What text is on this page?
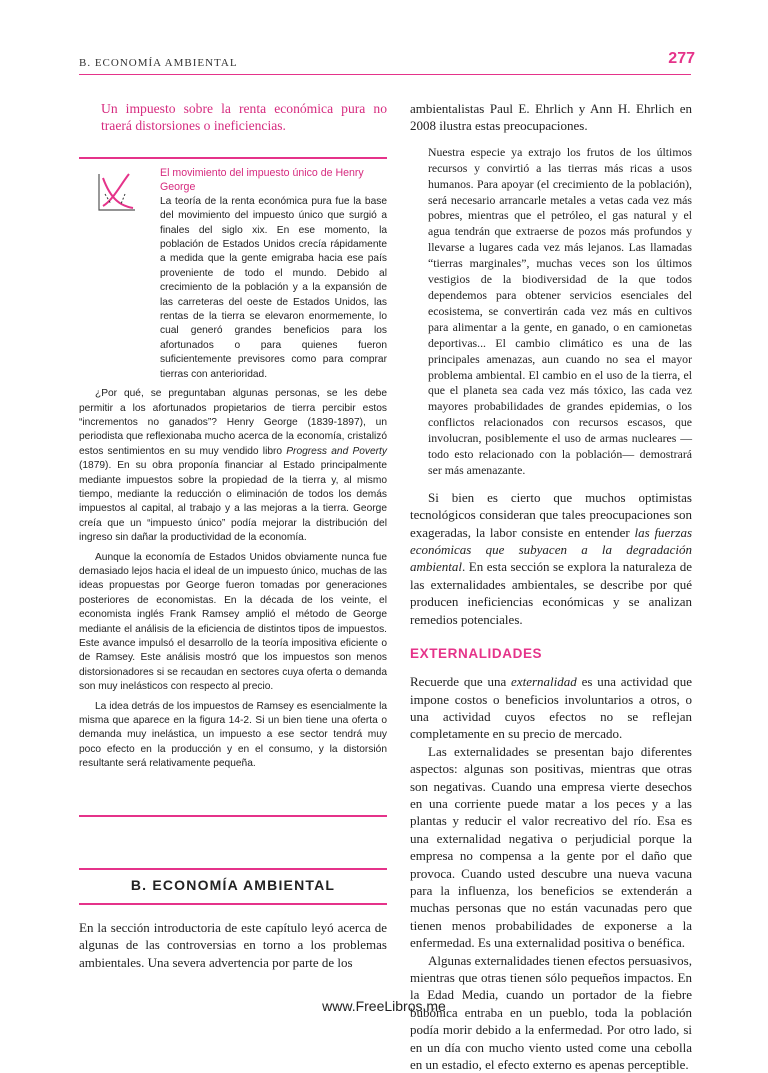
B. ECONOMÍA AMBIENTAL	277

Un impuesto sobre la renta económica pura no traerá distorsiones o ineficiencias.

El movimiento del impuesto único de Henry George

La teoría de la renta económica pura fue la base del movimiento del impuesto único que surgió a finales del siglo xix. En ese momento, la población de Estados Unidos crecía rápidamente a medida que la gente emigraba hacia ese país proveniente de todo el mundo. Debido al crecimiento de la población y a la expansión de las carreteras del oeste de Estados Unidos, las rentas de la tierra se elevaron enormemente, lo cual generó grandes beneficios para los afortunados o para quienes fueron suficientemente previsores como para comprar tierras con anterioridad.

¿Por qué, se preguntaban algunas personas, se les debe permitir a los afortunados propietarios de tierra percibir estos “incrementos no ganados”? Henry George (1839-1897), un periodista que reflexionaba mucho acerca de la economía, cristalizó estos sentimientos en su muy vendido libro Progress and Poverty (1879). En su obra proponía financiar al Estado principalmente mediante impuestos sobre la propiedad de la tierra y, al mismo tiempo, mediante la reducción o eliminación de todos los demás impuestos al capital, al trabajo y a las mejoras a la tierra. George creía que un “impuesto único” podía mejorar la distribución del ingreso sin dañar la productividad de la economía.

Aunque la economía de Estados Unidos obviamente nunca fue demasiado lejos hacia el ideal de un impuesto único, muchas de las ideas propuestas por George fueron tomadas por generaciones posteriores de economistas. En la década de los veinte, el economista inglés Frank Ramsey amplió el método de George mediante el análisis de la eficiencia de distintos tipos de impuestos. Este avance impulsó el desarrollo de la teoría impositiva eficiente o de Ramsey. Este análisis mostró que los impuestos son menos distorsionadores si se recaudan en sectores cuya oferta o demanda son muy inelásticos con respecto al precio.

La idea detrás de los impuestos de Ramsey es esencialmente la misma que aparece en la figura 14-2. Si un bien tiene una oferta o demanda muy inelástica, un impuesto a ese sector tendrá muy poco efecto en la producción y en el consumo, y la distorsión resultante será relativamente pequeña.

B. ECONOMÍA AMBIENTAL

En la sección introductoria de este capítulo leyó acerca de algunas de las controversias en torno a los problemas ambientales. Una severa advertencia por parte de los

ambientalistas Paul E. Ehrlich y Ann H. Ehrlich en 2008 ilustra estas preocupaciones.

Nuestra especie ya extrajo los frutos de los últimos recursos y convirtió a las tierras más ricas a usos humanos. Para apoyar (el crecimiento de la población), será necesario arrancarle metales a vetas cada vez más pobres, mientras que el petróleo, el gas natural y el agua tendrán que extraerse de pozos más profundos y llevarse a lugares cada vez más lejanos. Las llamadas “tierras marginales”, muchas veces son los últimos vestigios de la biodiversidad de la que todos dependemos para obtener servicios esenciales del ecosistema, se convertirán cada vez más en cultivos para alimentar a la gente, en ganado, o en camionetas deportivas... El cambio climático es una de las principales amenazas, aun cuando no sea el mayor problema ambiental. El cambio en el uso de la tierra, el que el planeta sea cada vez más tóxico, las cada vez mayores probabilidades de grandes epidemias, o los conflictos relacionados con recursos escasos, que involucran, posiblemente el uso de armas nucleares —todo esto relacionado con la población— demostrará ser más amenazante.

Si bien es cierto que muchos optimistas tecnológicos consideran que tales preocupaciones son exageradas, la labor consiste en entender las fuerzas económicas que subyacen a la degradación ambiental. En esta sección se explora la naturaleza de las externalidades ambientales, se describe por qué producen ineficiencias económicas y se analizan remedios potenciales.

EXTERNALIDADES

Recuerde que una externalidad es una actividad que impone costos o beneficios involuntarios a otros, o una actividad cuyos efectos no se reflejan completamente en su precio de mercado.

Las externalidades se presentan bajo diferentes aspectos: algunas son positivas, mientras que otras son negativas. Cuando una empresa vierte desechos en una corriente puede matar a los peces y a las plantas y reducir el valor recreativo del río. Esa es una externalidad negativa o perjudicial porque la empresa no compensa a la gente por el daño que provoca. Cuando usted descubre una nueva vacuna para la influenza, los beneficios se extenderán a muchas personas que no están vacunadas pero que tienen menos probabilidades de exponerse a la enfermedad. Es una externalidad positiva o benéfica.

Algunas externalidades tienen efectos persuasivos, mientras que otras tienen sólo pequeños impactos. En la Edad Media, cuando un portador de la fiebre bubónica entraba en un pueblo, toda la población podía morir debido a la enfermedad. Por otro lado, si en un día con mucho viento usted come una cebolla en un estadio, el efecto externo es apenas perceptible.

www.FreeLibros.me
